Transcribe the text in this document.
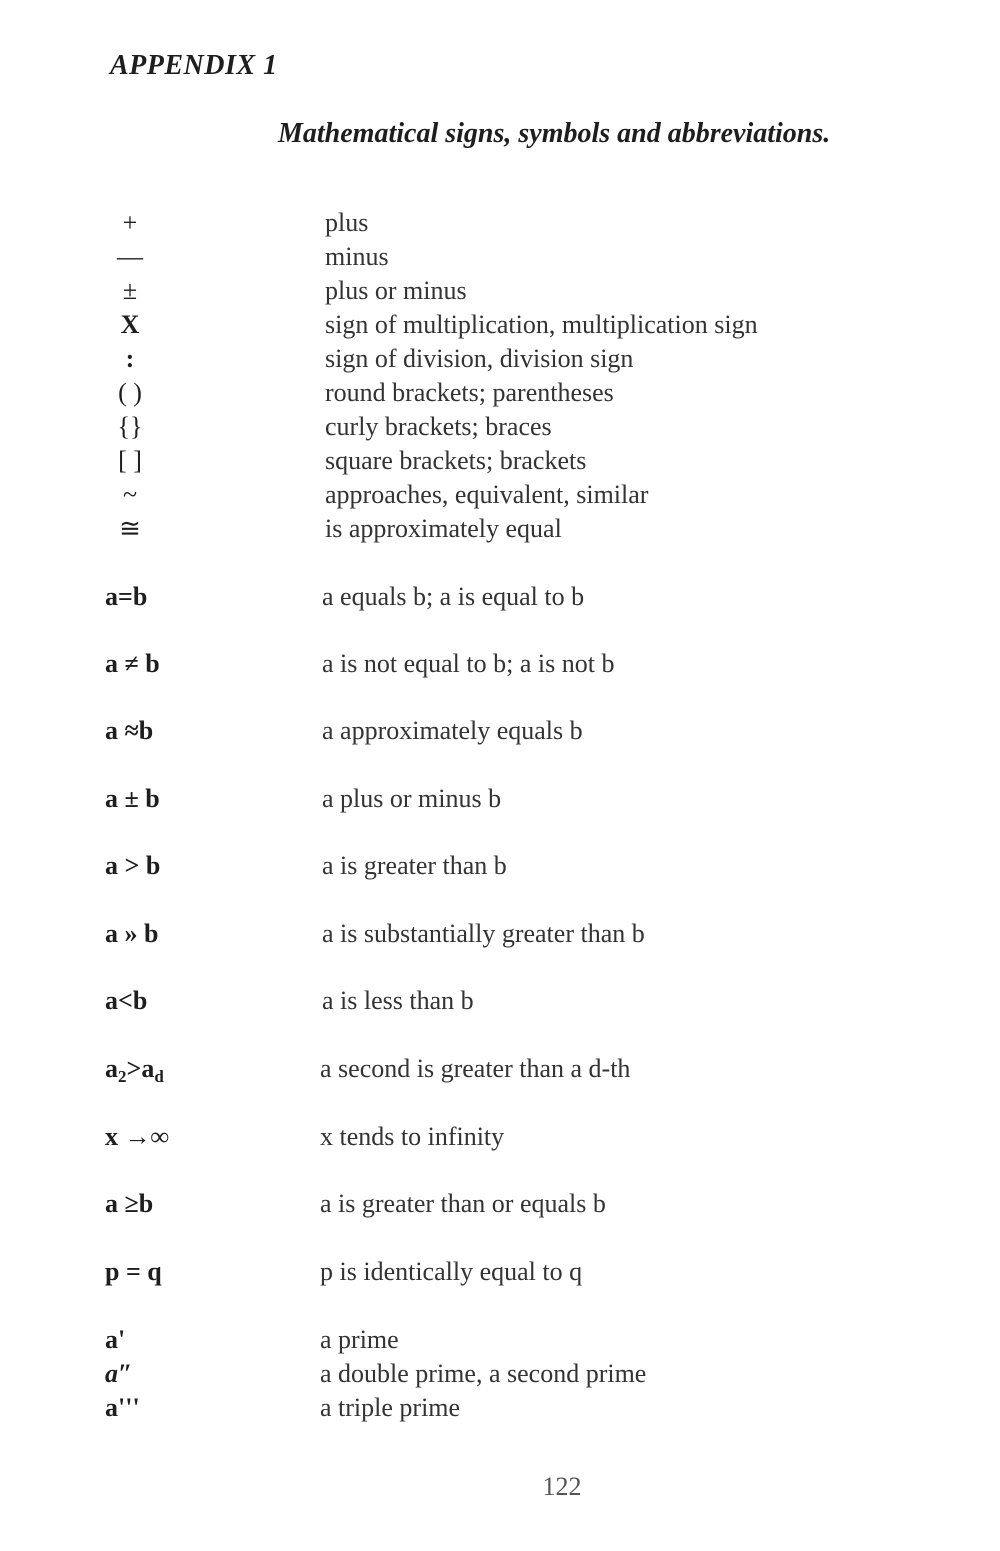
APPENDIX 1
Mathematical signs, symbols and abbreviations.
+	plus
—	minus
±	plus or minus
X	sign of multiplication, multiplication sign
:	sign of division, division sign
( )	round brackets; parentheses
{}	curly brackets; braces
[ ]	square brackets; brackets
~	approaches, equivalent, similar
≅	is approximately equal
a=b	a equals b; a is equal to b
a ≠ b	a is not equal to b; a is not b
a ≈b	a approximately equals b
a ± b	a plus or minus b
a > b	a is greater than b
a » b	a is substantially greater than b
a<b	a is less than b
$a_2>a_d$	a second is greater than a d-th
x →∞	x tends to infinity
a ≥b	a is greater than or equals b
p = q	p is identically equal to q
a'	a prime
a″	a double prime, a second prime
a'''	a triple prime
122
